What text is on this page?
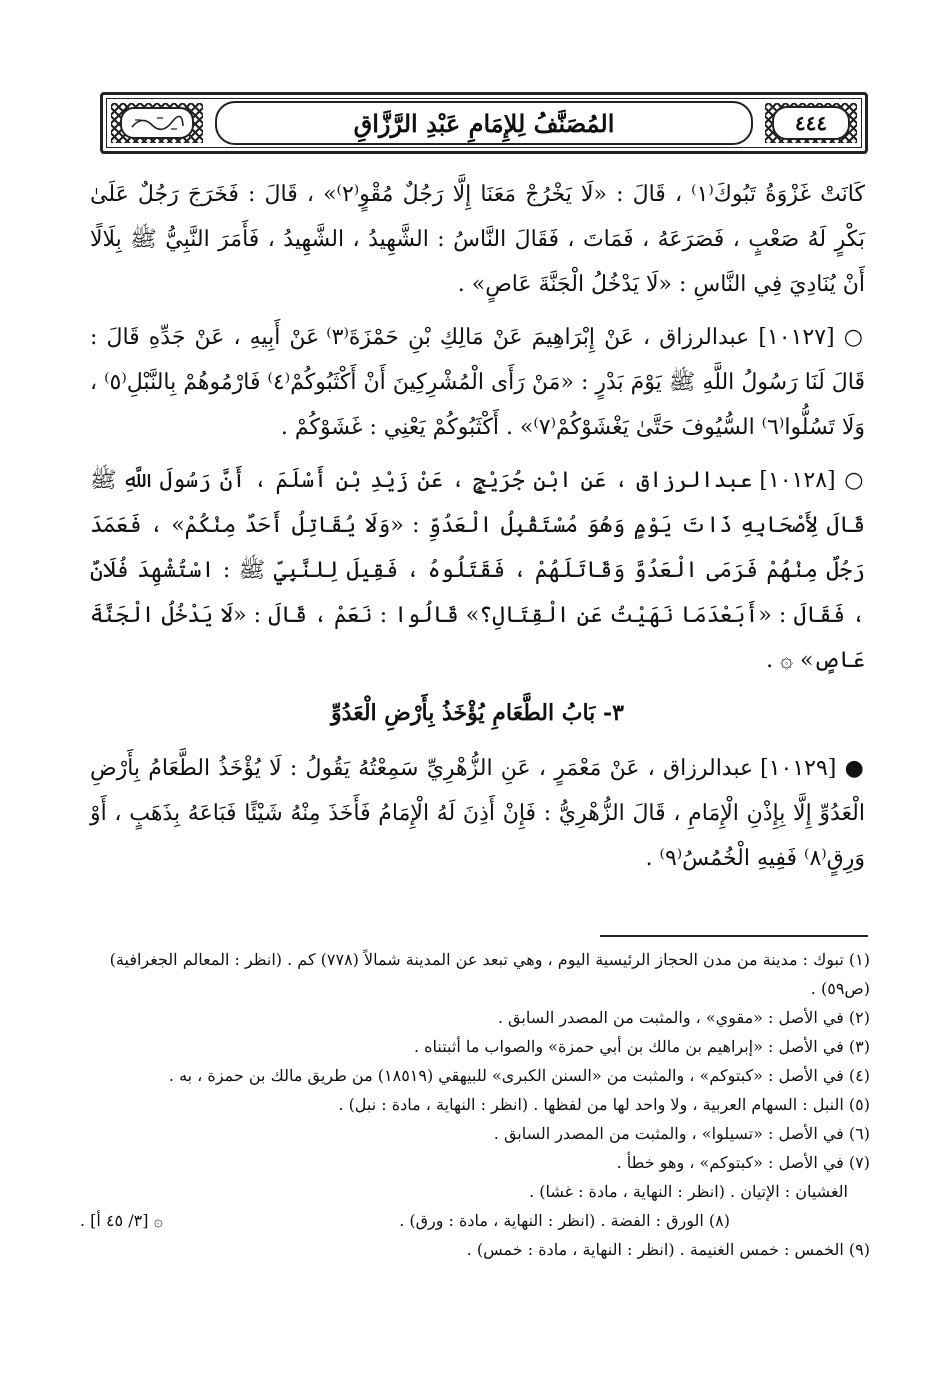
المُصَنَّفُ لِلإِمَامِ عَبْدِ الرَّزَّاقِ	٤٤٤

كَانَتْ غَزْوَةُ تَبُوكَ⁽١⁾ ، قَالَ : «لَا يَخْرُجْ مَعَنَا إِلَّا رَجُلٌ مُقْوٍ⁽٢⁾» ، قَالَ : فَخَرَجَ رَجُلٌ عَلَىٰ بَكْرٍ لَهُ صَعْبٍ ، فَصَرَعَهُ ، فَمَاتَ ، فَقَالَ النَّاسُ : الشَّهِيدُ ، الشَّهِيدُ ، فَأَمَرَ النَّبِيُّ ﷺ بِلَالًا أَنْ يُنَادِيَ فِي النَّاسِ : «لَا يَدْخُلُ الْجَنَّةَ عَاصٍ» .

○ [١٠١٢٧] عبدالرزاق ، عَنْ إِبْرَاهِيمَ عَنْ مَالِكِ بْنِ حَمْزَةَ⁽٣⁾ عَنْ أَبِيهِ ، عَنْ جَدِّهِ قَالَ : قَالَ لَنَا رَسُولُ اللَّهِ ﷺ يَوْمَ بَدْرٍ : «مَنْ رَأَى الْمُشْرِكِينَ أَنْ أَكْثَبُوكُمْ⁽٤⁾ فَارْمُوهُمْ بِالنَّبْلِ⁽٥⁾ ، وَلَا تَسُلُّوا⁽٦⁾ السُّيُوفَ حَتَّىٰ يَغْشَوْكُمْ⁽٧⁾» . أَكْثَبُوكُمْ يَعْنِي : غَشَوْكُمْ .

○ [١٠١٢٨] عبدالرزاق ، عَنِ ابْنِ جُرَيْجٍ ، عَنْ زَيْدِ بْنِ أَسْلَمَ ، أَنَّ رَسُولَ اللَّهِ ﷺ قَالَ لِأَصْحَابِهِ ذَاتَ يَوْمٍ وَهُوَ مُسْتَقْبِلُ الْعَدُوِّ : «وَلَا يُقَاتِلُ أَحَدٌ مِنْكُمْ» ، فَعَمَدَ رَجُلٌ مِنْهُمْ فَرَمَى الْعَدُوَّ وَقَاتَلَهُمْ ، فَقَتَلُوهُ ، فَقِيلَ لِلنَّبِيِّ ﷺ : اسْتُشْهِدَ فُلَانٌ ، فَقَالَ : «أَبَعْدَمَا نَهَيْتُ عَنِ الْقِتَالِ؟» قَالُوا : نَعَمْ ، قَالَ : «لَا يَدْخُلُ الْجَنَّةَ عَاصٍ» ۞ .

٣- بَابُ الطَّعَامِ يُؤْخَذُ بِأَرْضِ الْعَدُوِّ

● [١٠١٢٩] عبدالرزاق ، عَنْ مَعْمَرٍ ، عَنِ الزُّهْرِيِّ سَمِعْتُهُ يَقُولُ : لَا يُؤْخَذُ الطَّعَامُ بِأَرْضِ الْعَدُوِّ إِلَّا بِإِذْنِ الْإِمَامِ ، قَالَ الزُّهْرِيُّ : فَإِنْ أَذِنَ لَهُ الْإِمَامُ فَأَخَذَ مِنْهُ شَيْئًا فَبَاعَهُ بِذَهَبٍ ، أَوْ وَرِقٍ⁽٨⁾ فَفِيهِ الْخُمُسُ⁽٩⁾ .

(١) تبوك : مدينة من مدن الحجاز الرئيسية اليوم ، وهي تبعد عن المدينة شمالاً (٧٧٨) كم . (انظر : المعالم الجغرافية) (ص٥٩) .

(٢) في الأصل : «مقوي» ، والمثبت من المصدر السابق .

(٣) في الأصل : «إبراهيم بن مالك بن أبي حمزة» والصواب ما أثبتناه .

(٤) في الأصل : «كبتوكم» ، والمثبت من «السنن الكبرى» للبيهقي (١٨٥١٩) من طريق مالك بن حمزة ، به .

(٥) النبل : السهام العربية ، ولا واحد لها من لفظها . (انظر : النهاية ، مادة : نبل) .

(٦) في الأصل : «تسيلوا» ، والمثبت من المصدر السابق .

(٧) في الأصل : «كبتوكم» ، وهو خطأ .

الغشيان : الإتيان . (انظر : النهاية ، مادة : غشا) .

(٨) الورق : الفضة . (انظر : النهاية ، مادة : ورق) .
۞ [٣/ ٤٥ أ] .

(٩) الخمس : خمس الغنيمة . (انظر : النهاية ، مادة : خمس) .
